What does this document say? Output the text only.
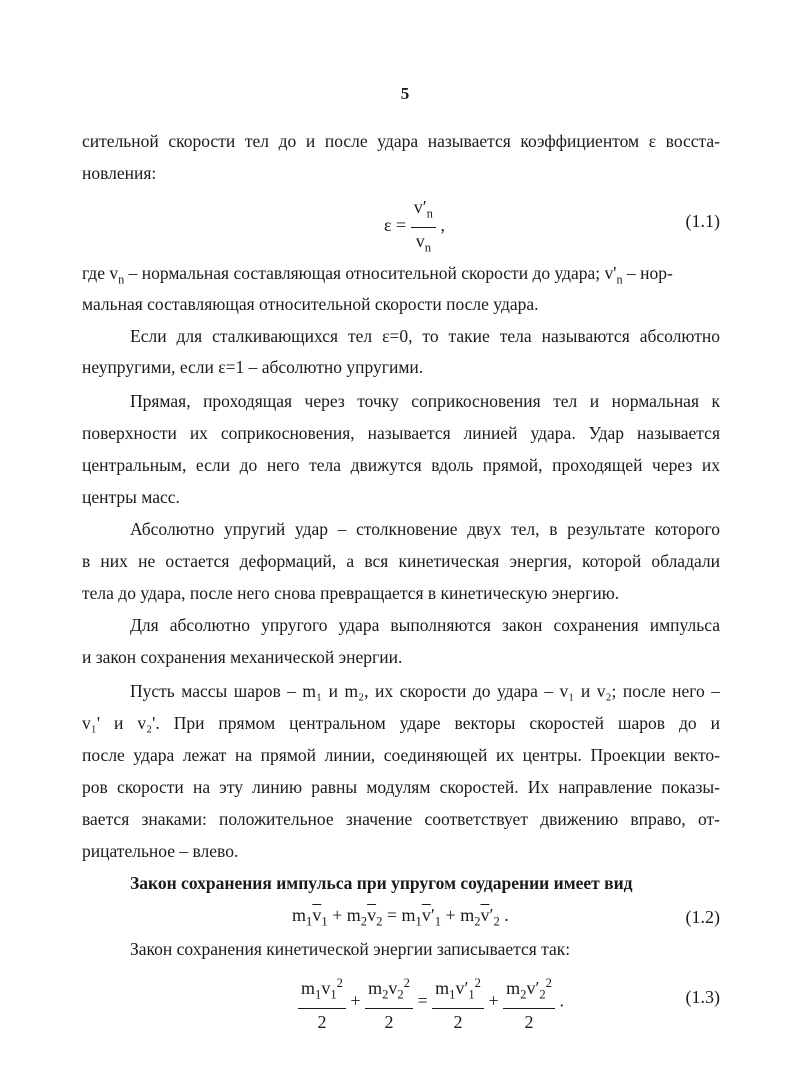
5
сительной скорости тел до и после удара называется коэффициентом ε восста-
новления:
$\varepsilon = \frac{v'_n}{v_n}$ ,	(1.1)
где $v_n$ – нормальная составляющая относительной скорости до удара; $v'_n - нор-$
мальная составляющая относительной скорости после удара.
Если для сталкивающихся тел ε=0, то такие тела называются абсолютно
неупругими, если ε=1 – абсолютно упругими.
Прямая, проходящая через точку соприкосновения тел и нормальная к
поверхности их соприкосновения, называется линией удара. Удар называется
центральным, если до него тела движутся вдоль прямой, проходящей через их
центры масс.
Абсолютно упругий удар – столкновение двух тел, в результате которого
в них не остается деформаций, а вся кинетическая энергия, которой обладали
тела до удара, после него снова превращается в кинетическую энергию.
Для абсолютно упругого удара выполняются закон сохранения импульса
и закон сохранения механической энергии.
Пусть массы шаров – m₁ и m₂, их скорости до удара – v₁ и v₂; после него –
v₁' и v₂'. При прямом центральном ударе векторы скоростей шаров до и
после удара лежат на прямой линии, соединяющей их центры. Проекции векто-
ров скорости на эту линию равны модулям скоростей. Их направление показы-
вается знаками: положительное значение соответствует движению вправо, от-
рицательное – влево.
Закон сохранения импульса при упругом соударении имеет вид
$m_1\overline{v}_1 + m_2\overline{v}_2 = m_1\overline{v}'_1 + m_2\overline{v}'_2$ .	(1.2)
Закон сохранения кинетической энергии записывается так:
$\frac{m_1v_1^2}{2} + \frac{m_2v_2^2}{2} = \frac{m_1v'_1^2}{2} + \frac{m_2v'_2^2}{2}$ .	(1.3)
